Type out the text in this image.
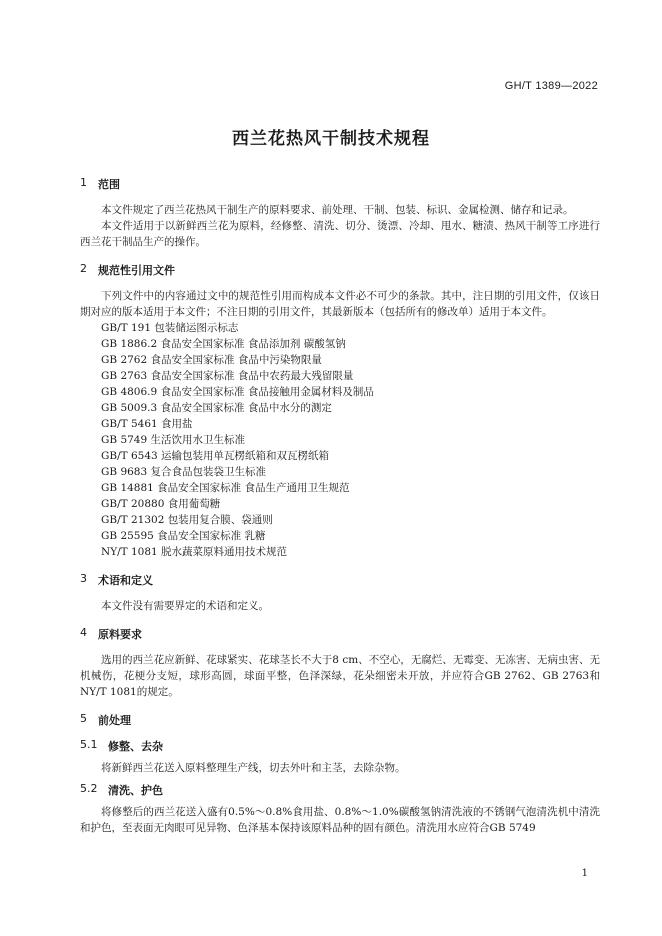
GH/T 1389—2022
西兰花热风干制技术规程
1	范围

本文件规定了西兰花热风干制生产的原料要求、前处理、干制、包装、标识、金属检测、储存和记录。

本文件适用于以新鲜西兰花为原料，经修整、清洗、切分、烫漂、冷却、甩水、糖渍、热风干制等工序进行西兰花干制品生产的操作。

2	规范性引用文件

下列文件中的内容通过文中的规范性引用而构成本文件必不可少的条款。其中，注日期的引用文件，仅该日期对应的版本适用于本文件；不注日期的引用文件，其最新版本（包括所有的修改单）适用于本文件。

GB/T 191 包装储运图示标志
GB 1886.2 食品安全国家标准 食品添加剂 碳酸氢钠
GB 2762 食品安全国家标准 食品中污染物限量
GB 2763 食品安全国家标准 食品中农药最大残留限量
GB 4806.9 食品安全国家标准 食品接触用金属材料及制品
GB 5009.3 食品安全国家标准 食品中水分的测定
GB/T 5461 食用盐
GB 5749 生活饮用水卫生标准
GB/T 6543 运输包装用单瓦楞纸箱和双瓦楞纸箱
GB 9683 复合食品包装袋卫生标准
GB 14881 食品安全国家标准 食品生产通用卫生规范
GB/T 20880 食用葡萄糖
GB/T 21302 包装用复合膜、袋通则
GB 25595 食品安全国家标准 乳糖
NY/T 1081 脱水蔬菜原料通用技术规范
3	术语和定义

本文件没有需要界定的术语和定义。

4	原料要求

选用的西兰花应新鲜、花球紧实、花球茎长不大于8 cm、不空心，无腐烂、无霉变、无冻害、无病虫害、无机械伤，花梗分支短，球形高圆，球面平整，色泽深绿，花朵细密未开放，并应符合GB 2762、GB 2763和NY/T 1081的规定。

5	前处理
5.1 修整、去杂

将新鲜西兰花送入原料整理生产线，切去外叶和主茎，去除杂物。

5.2 清洗、护色

将修整后的西兰花送入盛有0.5%～0.8%食用盐、0.8%～1.0%碳酸氢钠清洗液的不锈钢气泡清洗机中清洗和护色，至表面无肉眼可见异物、色泽基本保持该原料品种的固有颜色。清洗用水应符合GB 5749

1
